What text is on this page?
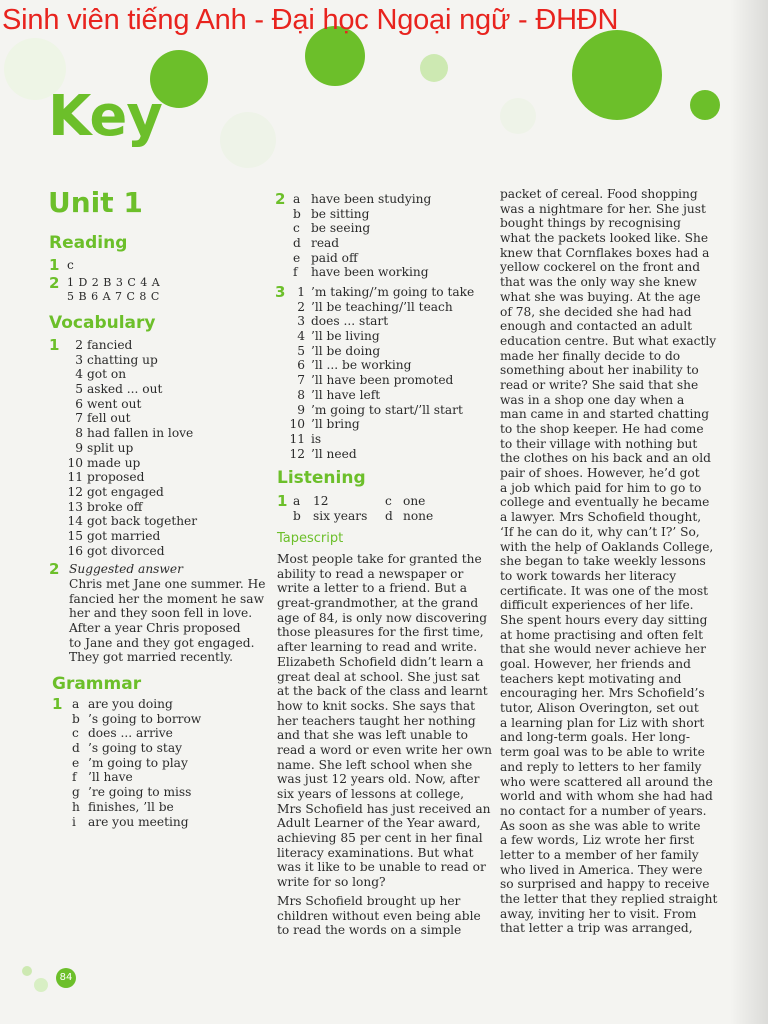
Sinh viên tiếng Anh - Đại học Ngoại ngữ - ĐHĐN
Key
Unit 1
Reading
1 c
2 1 D 2 B 3 C 4 A
5 B 6 A 7 C 8 C
Vocabulary
1	2 fancied
3 chatting up
4 got on
5 asked ... out
6 went out
7 fell out
8 had fallen in love
9 split up
10 made up
11 proposed
12 got engaged
13 broke off
14 got back together
15 got married
16 got divorced
2 Suggested answer
Chris met Jane one summer. He
fancied her the moment he saw
her and they soon fell in love.
After a year Chris proposed
to Jane and they got engaged.
They got married recently.
Grammar
1 a are you doing
b ’s going to borrow
c does ... arrive
d ’s going to stay
e ’m going to play
f ’ll have
g ’re going to miss
h finishes, ’ll be
i are you meeting
2 a have been studying
b be sitting
c be seeing
d read
e paid off
f	have been working
3 1 ’m taking/’m going to take
2 ’ll be teaching/’ll teach
3 does ... start
4 ’ll be living
5 ’ll be doing
6 ’ll ... be working
7 ’ll have been promoted
8 ’ll have left
9 ’m going to start/’ll start
10 ’ll bring
11 is
12 ’ll need
Listening
1 a	12	c one
b six years d none
Tapescript
Most people take for granted the
ability to read a newspaper or
write a letter to a friend. But a
great-grandmother, at the grand
age of 84, is only now discovering
those pleasures for the first time,
after learning to read and write.
Elizabeth Schofield didn’t learn a
great deal at school. She just sat
at the back of the class and learnt
how to knit socks. She says that
her teachers taught her nothing
and that she was left unable to
read a word or even write her own
name. She left school when she
was just 12 years old. Now, after
six years of lessons at college,
Mrs Schofield has just received an
Adult Learner of the Year award,
achieving 85 per cent in her final
literacy examinations. But what
was it like to be unable to read or
write for so long?
Mrs Schofield brought up her
children without even being able
to read the words on a simple
packet of cereal. Food shopping
was a nightmare for her. She just
bought things by recognising
what the packets looked like. She
knew that Cornflakes boxes had a
yellow cockerel on the front and
that was the only way she knew
what she was buying. At the age
of 78, she decided she had had
enough and contacted an adult
education centre. But what exactly
made her finally decide to do
something about her inability to
read or write? She said that she
was in a shop one day when a
man came in and started chatting
to the shop keeper. He had come
to their village with nothing but
the clothes on his back and an old
pair of shoes. However, he’d got
a job which paid for him to go to
college and eventually he became
a lawyer. Mrs Schofield thought,
‘If he can do it, why can’t I?’ So,
with the help of Oaklands College,
she began to take weekly lessons
to work towards her literacy
certificate. It was one of the most
difficult experiences of her life.
She spent hours every day sitting
at home practising and often felt
that she would never achieve her
goal. However, her friends and
teachers kept motivating and
encouraging her. Mrs Schofield’s
tutor, Alison Overington, set out
a learning plan for Liz with short
and long-term goals. Her long-
term goal was to be able to write
and reply to letters to her family
who were scattered all around the
world and with whom she had had
no contact for a number of years.
As soon as she was able to write
a few words, Liz wrote her first
letter to a member of her family
who lived in America. They were
so surprised and happy to receive
the letter that they replied straight
away, inviting her to visit. From
that letter a trip was arranged,
84
